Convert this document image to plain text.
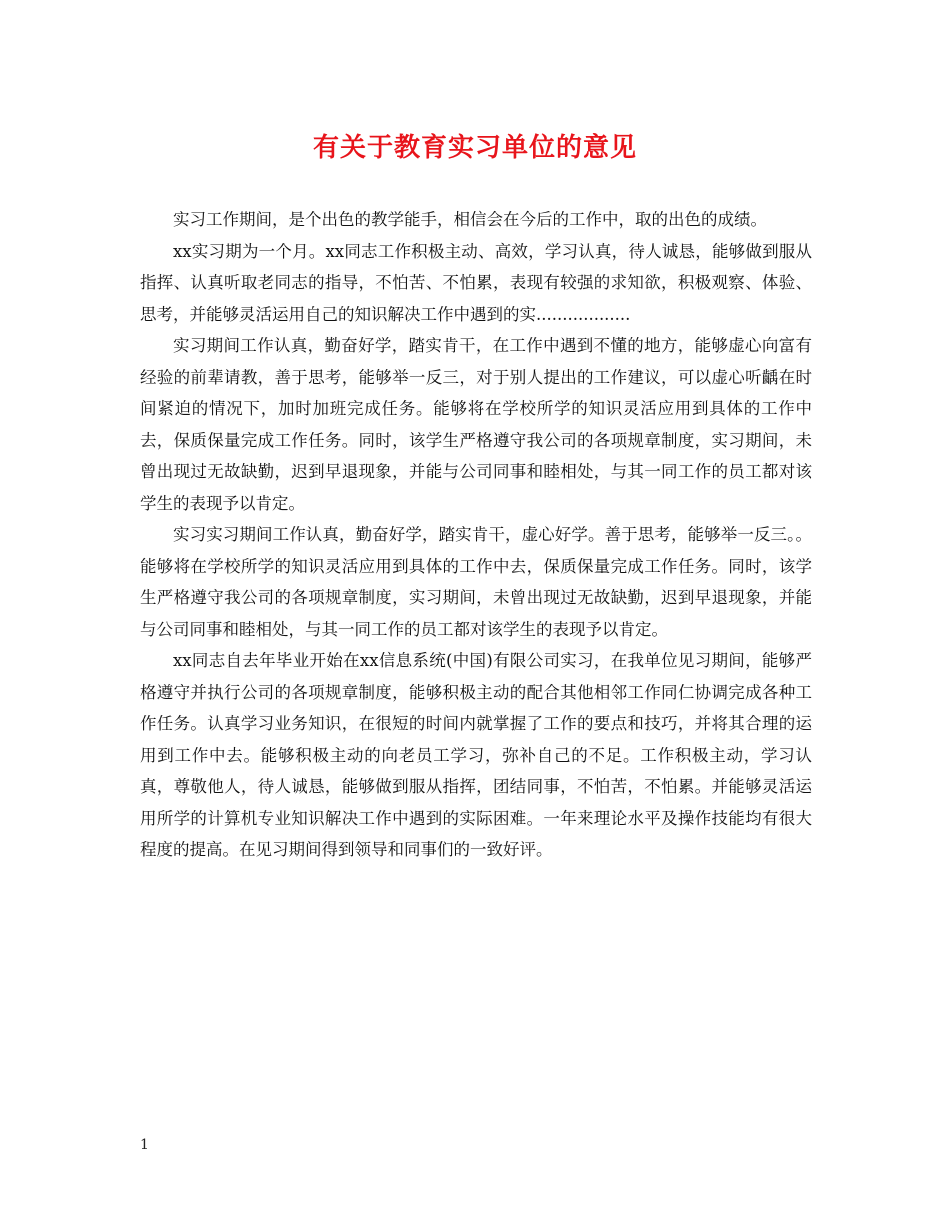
有关于教育实习单位的意见

实习工作期间，是个出色的教学能手，相信会在今后的工作中，取的出色的成绩。

xx实习期为一个月。xx同志工作积极主动、高效，学习认真，待人诚恳，能够做到服从指挥、认真听取老同志的指导，不怕苦、不怕累，表现有较强的求知欲，积极观察、体验、思考，并能够灵活运用自己的知识解决工作中遇到的实..................

实习期间工作认真，勤奋好学，踏实肯干，在工作中遇到不懂的地方，能够虚心向富有经验的前辈请教，善于思考，能够举一反三，对于别人提出的工作建议，可以虚心听齲在时间紧迫的情况下，加时加班完成任务。能够将在学校所学的知识灵活应用到具体的工作中去，保质保量完成工作任务。同时，该学生严格遵守我公司的各项规章制度，实习期间，未曾出现过无故缺勤，迟到早退现象，并能与公司同事和睦相处，与其一同工作的员工都对该学生的表现予以肯定。

实习实习期间工作认真，勤奋好学，踏实肯干，虚心好学。善于思考，能够举一反三。。能够将在学校所学的知识灵活应用到具体的工作中去，保质保量完成工作任务。同时，该学生严格遵守我公司的各项规章制度，实习期间，未曾出现过无故缺勤，迟到早退现象，并能与公司同事和睦相处，与其一同工作的员工都对该学生的表现予以肯定。

xx同志自去年毕业开始在xx信息系统(中国)有限公司实习，在我单位见习期间，能够严格遵守并执行公司的各项规章制度，能够积极主动的配合其他相邻工作同仁协调完成各种工作任务。认真学习业务知识，在很短的时间内就掌握了工作的要点和技巧，并将其合理的运用到工作中去。能够积极主动的向老员工学习，弥补自己的不足。工作积极主动，学习认真，尊敬他人，待人诚恳，能够做到服从指挥，团结同事，不怕苦，不怕累。并能够灵活运用所学的计算机专业知识解决工作中遇到的实际困难。一年来理论水平及操作技能均有很大程度的提高。在见习期间得到领导和同事们的一致好评。

1
